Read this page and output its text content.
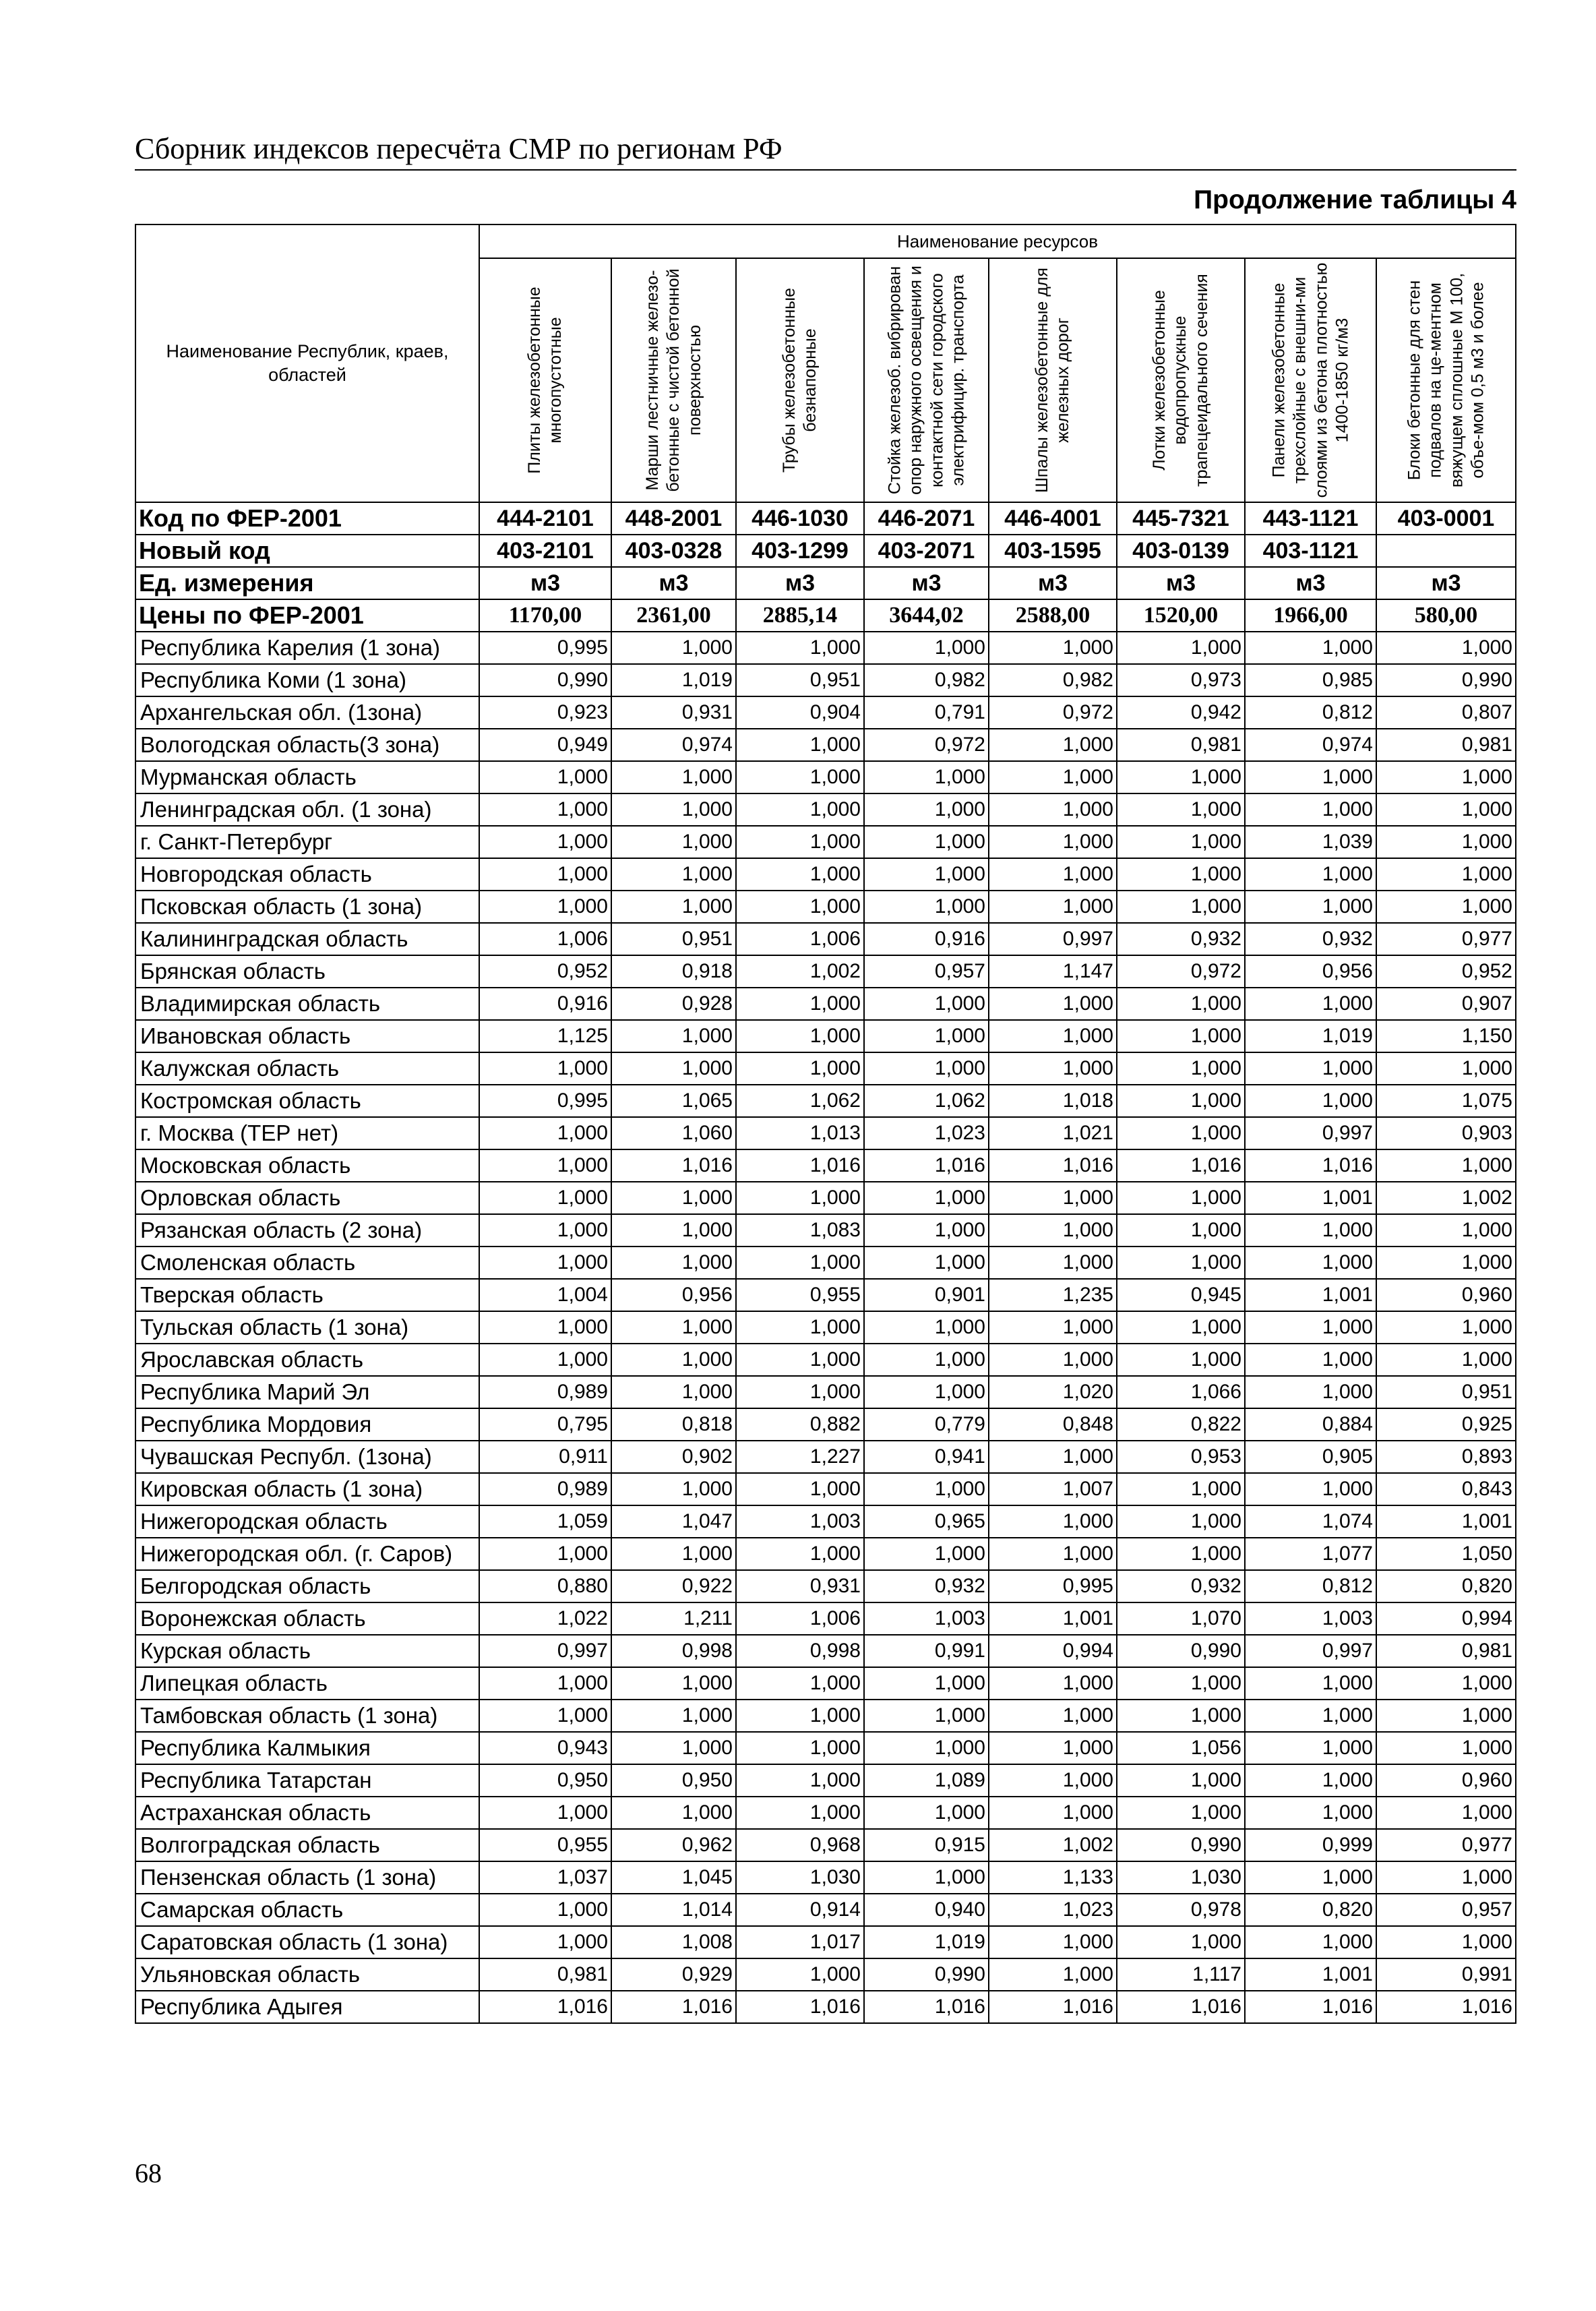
Сборник индексов пересчёта СМР по регионам РФ
Продолжение таблицы 4
Наименование Республик, краев, областей	Наименование ресурсов							

	Плиты железобетонные многопустотные	Марши лестничные железо-бетонные с чистой бетонной поверхностью	Трубы железобетонные безнапорные	Стойка железоб. вибрирован опор наружного освещения и контактной сети городского электрифицир. транспорта	Шпалы железобетонные для железных дорог	Лотки железобетонные водопропускные трапецеидального сечения	Панели железобетонные трехслойные с внешни-ми слоями из бетона плотностью 1400-1850 кг/м3	Блоки бетонные для стен подвалов на це-ментном вяжущем сплошные М 100, объе-мом 0,5 м3 и более

Код по ФЕР-2001	444-2101	448-2001	446-1030	446-2071	446-4001	445-7321	443-1121	403-0001
Новый код	403-2101	403-0328	403-1299	403-2071	403-1595	403-0139	403-1121	
Ед. измерения	м3	м3	м3	м3	м3	м3	м3	м3
Цены по ФЕР-2001	1170,00	2361,00	2885,14	3644,02	2588,00	1520,00	1966,00	580,00
Республика Карелия (1 зона)	0,995	1,000	1,000	1,000	1,000	1,000	1,000	1,000
Республика Коми (1 зона)	0,990	1,019	0,951	0,982	0,982	0,973	0,985	0,990
Архангельская обл. (1зона)	0,923	0,931	0,904	0,791	0,972	0,942	0,812	0,807
Вологодская область(3 зона)	0,949	0,974	1,000	0,972	1,000	0,981	0,974	0,981
Мурманская область	1,000	1,000	1,000	1,000	1,000	1,000	1,000	1,000
Ленинградская обл. (1 зона)	1,000	1,000	1,000	1,000	1,000	1,000	1,000	1,000
г. Санкт-Петербург	1,000	1,000	1,000	1,000	1,000	1,000	1,039	1,000
Новгородская область	1,000	1,000	1,000	1,000	1,000	1,000	1,000	1,000
Псковская область (1 зона)	1,000	1,000	1,000	1,000	1,000	1,000	1,000	1,000
Калининградская область	1,006	0,951	1,006	0,916	0,997	0,932	0,932	0,977
Брянская область	0,952	0,918	1,002	0,957	1,147	0,972	0,956	0,952
Владимирская область	0,916	0,928	1,000	1,000	1,000	1,000	1,000	0,907
Ивановская область	1,125	1,000	1,000	1,000	1,000	1,000	1,019	1,150
Калужская область	1,000	1,000	1,000	1,000	1,000	1,000	1,000	1,000
Костромская область	0,995	1,065	1,062	1,062	1,018	1,000	1,000	1,075
г. Москва (ТЕР нет)	1,000	1,060	1,013	1,023	1,021	1,000	0,997	0,903
Московская область	1,000	1,016	1,016	1,016	1,016	1,016	1,016	1,000
Орловская область	1,000	1,000	1,000	1,000	1,000	1,000	1,001	1,002
Рязанская область (2 зона)	1,000	1,000	1,083	1,000	1,000	1,000	1,000	1,000
Смоленская область	1,000	1,000	1,000	1,000	1,000	1,000	1,000	1,000
Тверская область	1,004	0,956	0,955	0,901	1,235	0,945	1,001	0,960
Тульская область (1 зона)	1,000	1,000	1,000	1,000	1,000	1,000	1,000	1,000
Ярославская область	1,000	1,000	1,000	1,000	1,000	1,000	1,000	1,000
Республика Марий Эл	0,989	1,000	1,000	1,000	1,020	1,066	1,000	0,951
Республика Мордовия	0,795	0,818	0,882	0,779	0,848	0,822	0,884	0,925
Чувашская Республ. (1зона)	0,911	0,902	1,227	0,941	1,000	0,953	0,905	0,893
Кировская область (1 зона)	0,989	1,000	1,000	1,000	1,007	1,000	1,000	0,843
Нижегородская область	1,059	1,047	1,003	0,965	1,000	1,000	1,074	1,001
Нижегородская обл. (г. Саров)	1,000	1,000	1,000	1,000	1,000	1,000	1,077	1,050
Белгородская область	0,880	0,922	0,931	0,932	0,995	0,932	0,812	0,820
Воронежская область	1,022	1,211	1,006	1,003	1,001	1,070	1,003	0,994
Курская область	0,997	0,998	0,998	0,991	0,994	0,990	0,997	0,981
Липецкая область	1,000	1,000	1,000	1,000	1,000	1,000	1,000	1,000
Тамбовская область (1 зона)	1,000	1,000	1,000	1,000	1,000	1,000	1,000	1,000
Республика Калмыкия	0,943	1,000	1,000	1,000	1,000	1,056	1,000	1,000
Республика Татарстан	0,950	0,950	1,000	1,089	1,000	1,000	1,000	0,960
Астраханская область	1,000	1,000	1,000	1,000	1,000	1,000	1,000	1,000
Волгоградская область	0,955	0,962	0,968	0,915	1,002	0,990	0,999	0,977
Пензенская область (1 зона)	1,037	1,045	1,030	1,000	1,133	1,030	1,000	1,000
Самарская область	1,000	1,014	0,914	0,940	1,023	0,978	0,820	0,957
Саратовская область (1 зона)	1,000	1,008	1,017	1,019	1,000	1,000	1,000	1,000
Ульяновская область	0,981	0,929	1,000	0,990	1,000	1,117	1,001	0,991
Республика Адыгея	1,016	1,016	1,016	1,016	1,016	1,016	1,016	1,016
68
